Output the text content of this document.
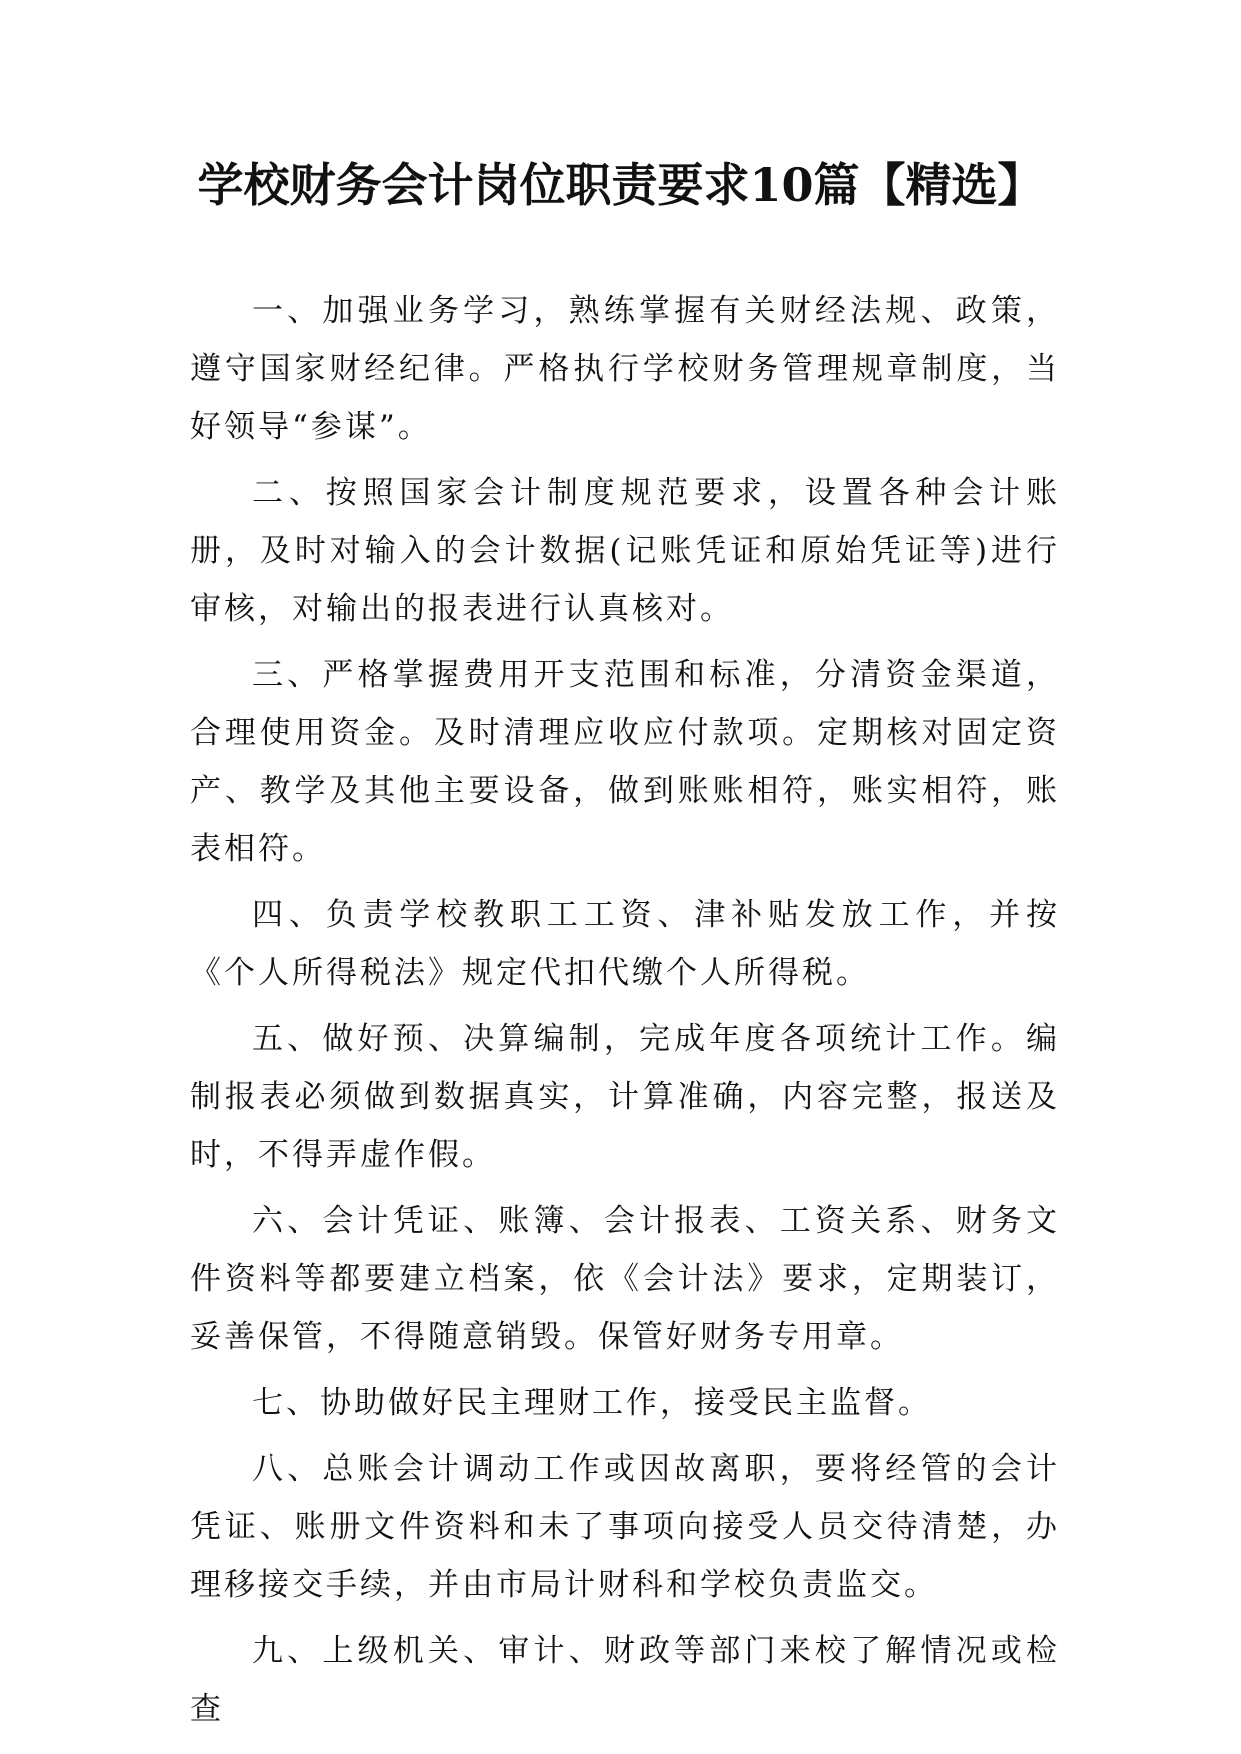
学校财务会计岗位职责要求10篇【精选】

一、加强业务学习，熟练掌握有关财经法规、政策，遵守国家财经纪律。严格执行学校财务管理规章制度，当好领导“参谋”。

二、按照国家会计制度规范要求，设置各种会计账册，及时对输入的会计数据(记账凭证和原始凭证等)进行审核，对输出的报表进行认真核对。

三、严格掌握费用开支范围和标准，分清资金渠道，合理使用资金。及时清理应收应付款项。定期核对固定资产、教学及其他主要设备，做到账账相符，账实相符，账表相符。

四、负责学校教职工工资、津补贴发放工作，并按《个人所得税法》规定代扣代缴个人所得税。

五、做好预、决算编制，完成年度各项统计工作。编制报表必须做到数据真实，计算准确，内容完整，报送及时，不得弄虚作假。

六、会计凭证、账簿、会计报表、工资关系、财务文件资料等都要建立档案，依《会计法》要求，定期装订，妥善保管，不得随意销毁。保管好财务专用章。

七、协助做好民主理财工作，接受民主监督。

八、总账会计调动工作或因故离职，要将经管的会计凭证、账册文件资料和未了事项向接受人员交待清楚，办理移接交手续，并由市局计财科和学校负责监交。

九、上级机关、审计、财政等部门来校了解情况或检查
